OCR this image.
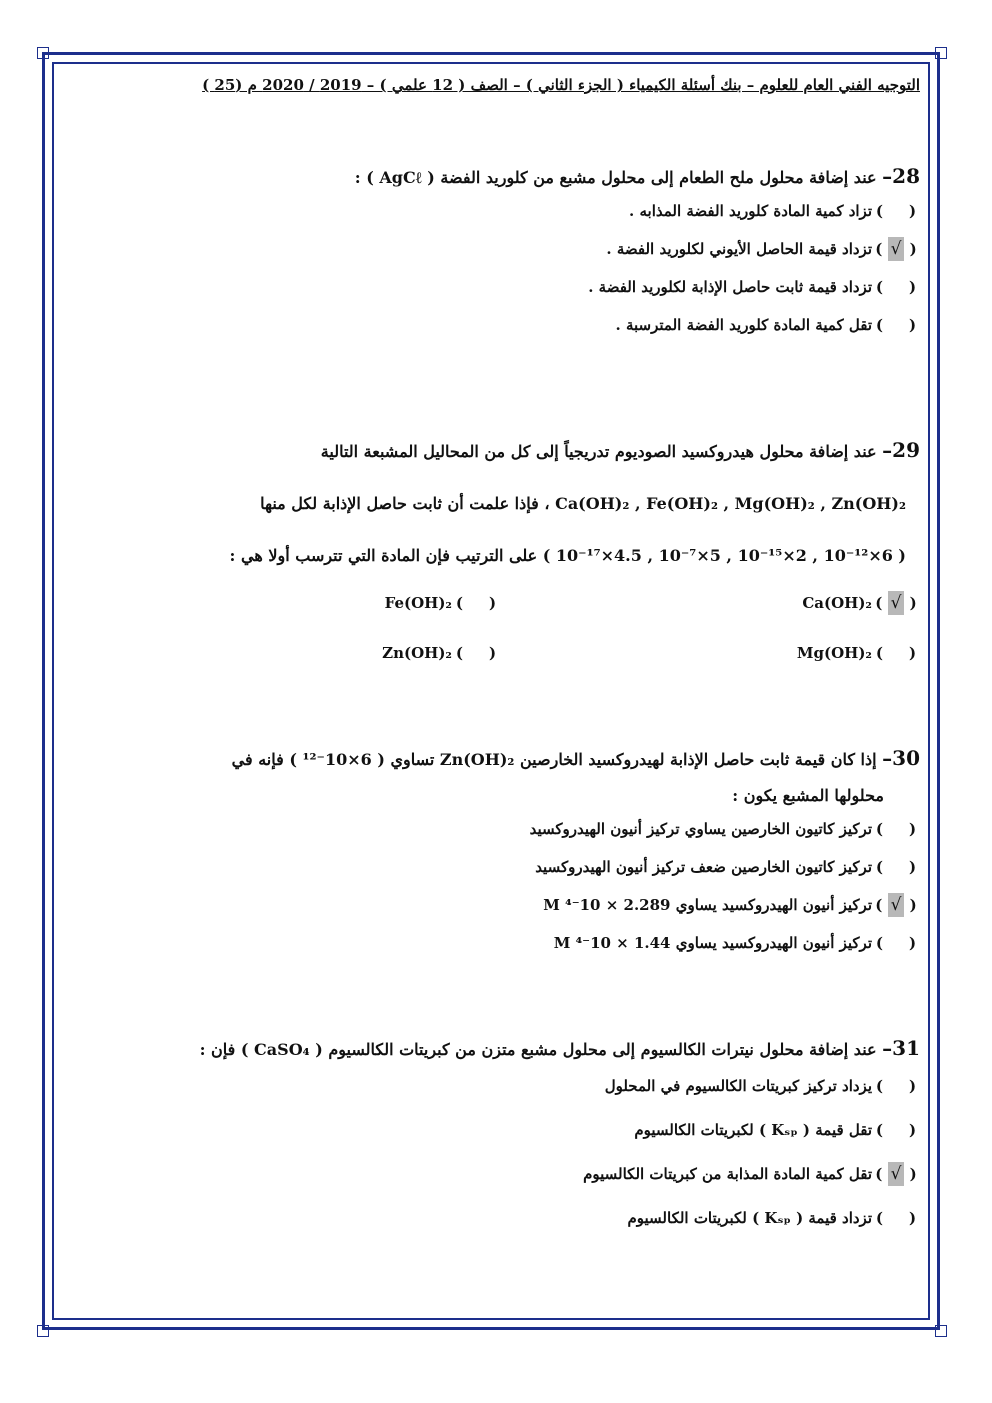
التوجيه الفني العام للعلوم – بنك أسئلة الكيمياء ( الجزء الثاني ) – الصف ( 12 علمي ) – 2019 / 2020 م (25 )
28– عند إضافة محلول ملح الطعام إلى محلول مشبع من كلوريد الفضة ( AgCℓ ) :
(     )
تزاد كمية المادة كلوريد الفضة المذابه .
( √ )
تزداد قيمة الحاصل الأيوني لكلوريد الفضة .
(     )
تزداد قيمة ثابت حاصل الإذابة لكلوريد الفضة .
(     )
تقل كمية المادة كلوريد الفضة المترسبة .
29– عند إضافة محلول هيدروكسيد الصوديوم تدريجياً إلى كل من المحاليل المشبعة التالية
Ca(OH)₂ , Fe(OH)₂ , Mg(OH)₂ , Zn(OH)₂ ، فإذا علمت أن ثابت حاصل الإذابة لكل منها
( 6×10⁻¹² , 2×10⁻¹⁵ , 5×10⁻⁷ , 4.5×10⁻¹⁷ ) على الترتيب فإن المادة التي تترسب أولا هي :
( √ )
Ca(OH)₂
(     )
Fe(OH)₂
(     )
Mg(OH)₂
(     )
Zn(OH)₂
30– إذا كان قيمة ثابت حاصل الإذابة لهيدروكسيد الخارصين Zn(OH)₂ تساوي ( 6×10⁻¹² ) فإنه في
محلولها المشبع يكون :
(     )
تركيز كاتيون الخارصين يساوي تركيز أنيون الهيدروكسيد
(     )
تركيز كاتيون الخارصين ضعف تركيز أنيون الهيدروكسيد
( √ )
تركيز أنيون الهيدروكسيد يساوي 2.289 × 10⁻⁴ M
(     )
تركيز أنيون الهيدروكسيد يساوي 1.44 × 10⁻⁴ M
31– عند إضافة محلول نيترات الكالسيوم إلى محلول مشبع متزن من كبريتات الكالسيوم ( CaSO₄ ) فإن :
(     )
يزداد تركيز كبريتات الكالسيوم في المحلول
(     )
تقل قيمة ( Kₛₚ ) لكبريتات الكالسيوم
( √ )
تقل كمية المادة المذابة من كبريتات الكالسيوم
(     )
تزداد قيمة ( Kₛₚ ) لكبريتات الكالسيوم
